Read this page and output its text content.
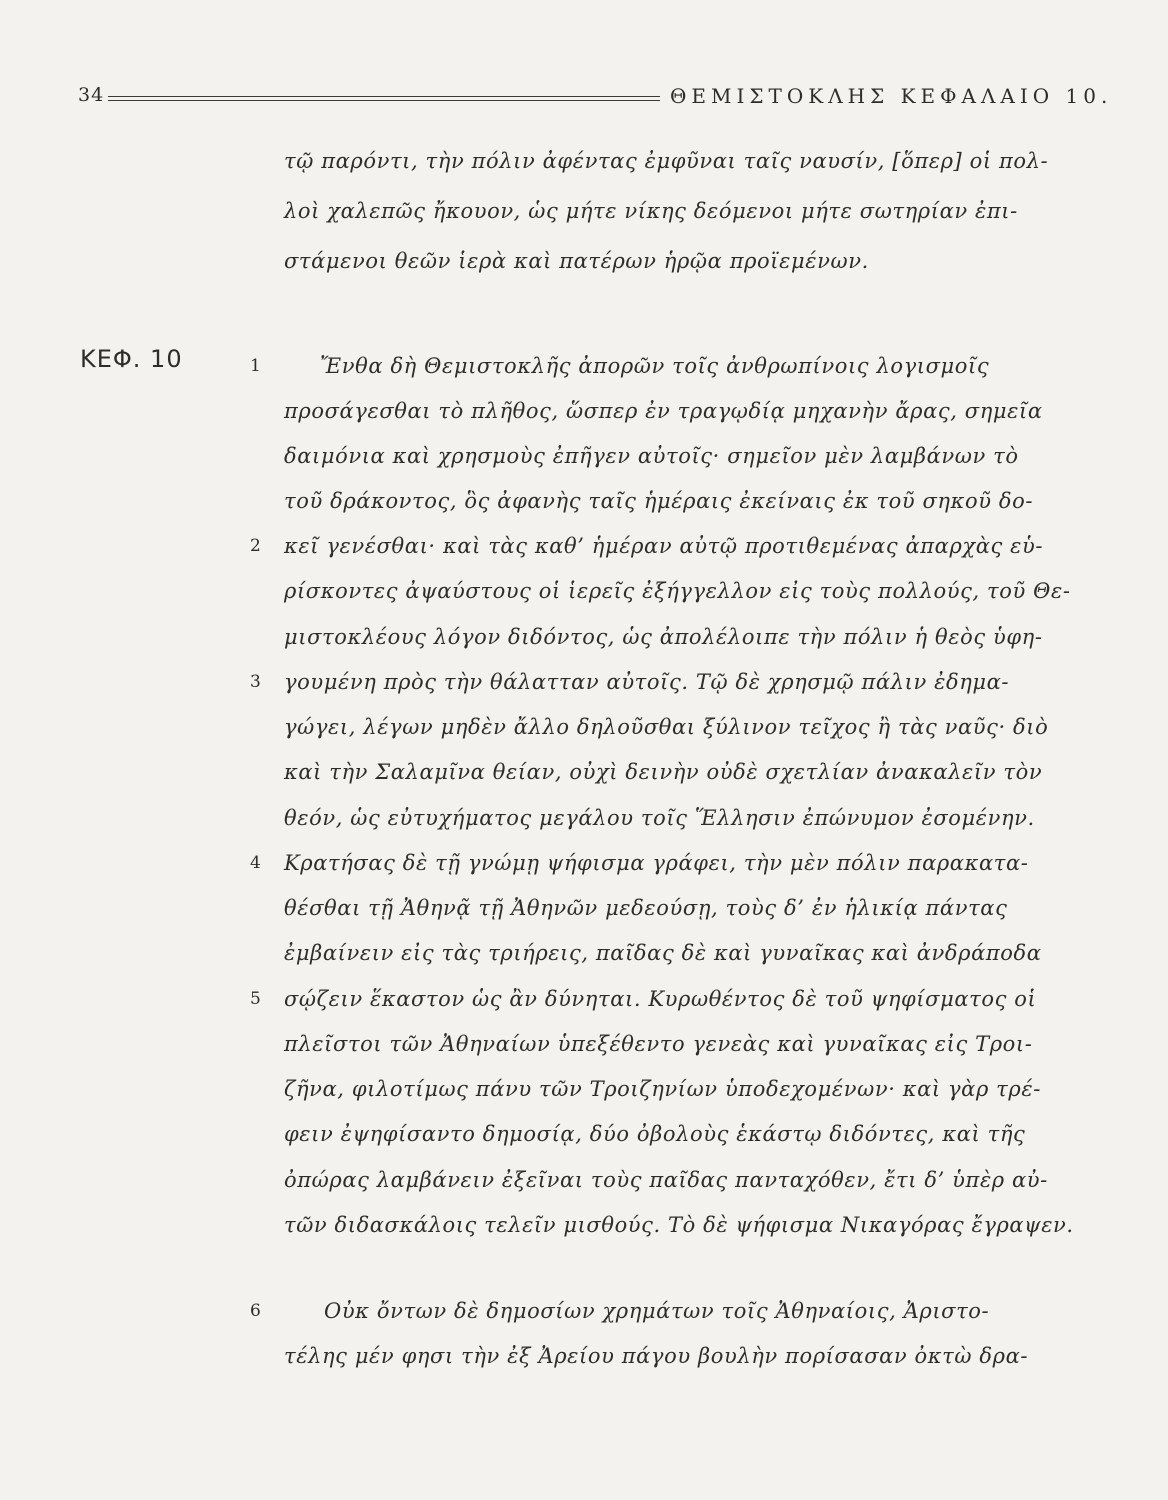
34	ΘΕΜΙΣΤΟΚΛΗΣ ΚΕΦΑΛΑΙΟ 10.
τῷ παρόντι, τὴν πόλιν ἀφέντας ἐμφῦναι ταῖς ναυσίν, [ὅπερ] οἱ πολ-
λοὶ χαλεπῶς ἤκουον, ὡς μήτε νίκης δεόμενοι μήτε σωτηρίαν ἐπι-
στάμενοι θεῶν ἱερὰ καὶ πατέρων ἡρῷα προϊεμένων.
ΚΕΦ. 10	1
2
3
4
5
6
Ἔνθα δὴ Θεμιστοκλῆς ἀπορῶν τοῖς ἀνθρωπίνοις λογισμοῖς
προσάγεσθαι τὸ πλῆθος, ὥσπερ ἐν τραγῳδίᾳ μηχανὴν ἄρας, σημεῖα
δαιμόνια καὶ χρησμοὺς ἐπῆγεν αὐτοῖς· σημεῖον μὲν λαμβάνων τὸ
τοῦ δράκοντος, ὃς ἀφανὴς ταῖς ἡμέραις ἐκείναις ἐκ τοῦ σηκοῦ δο-
κεῖ γενέσθαι· καὶ τὰς καθ’ ἡμέραν αὐτῷ προτιθεμένας ἀπαρχὰς εὑ-
ρίσκοντες ἀψαύστους οἱ ἱερεῖς ἐξήγγελλον εἰς τοὺς πολλούς, τοῦ Θε-
μιστοκλέους λόγον διδόντος, ὡς ἀπολέλοιπε τὴν πόλιν ἡ θεὸς ὑφη-
γουμένη πρὸς τὴν θάλατταν αὐτοῖς. Τῷ δὲ χρησμῷ πάλιν ἐδημα-
γώγει, λέγων μηδὲν ἄλλο δηλοῦσθαι ξύλινον τεῖχος ἢ τὰς ναῦς· διὸ
καὶ τὴν Σαλαμῖνα θείαν, οὐχὶ δεινὴν οὐδὲ σχετλίαν ἀνακαλεῖν τὸν
θεόν, ὡς εὐτυχήματος μεγάλου τοῖς Ἕλλησιν ἐπώνυμον ἐσομένην.
Κρατήσας δὲ τῇ γνώμῃ ψήφισμα γράφει, τὴν μὲν πόλιν παρακατα-
θέσθαι τῇ Ἀθηνᾷ τῇ Ἀθηνῶν μεδεούσῃ, τοὺς δ’ ἐν ἡλικίᾳ πάντας
ἐμβαίνειν εἰς τὰς τριήρεις, παῖδας δὲ καὶ γυναῖκας καὶ ἀνδράποδα
σῴζειν ἕκαστον ὡς ἂν δύνηται. Κυρωθέντος δὲ τοῦ ψηφίσματος οἱ
πλεῖστοι τῶν Ἀθηναίων ὑπεξέθεντο γενεὰς καὶ γυναῖκας εἰς Τροι-
ζῆνα, φιλοτίμως πάνυ τῶν Τροιζηνίων ὑποδεχομένων· καὶ γὰρ τρέ-
φειν ἐψηφίσαντο δημοσίᾳ, δύο ὀβολοὺς ἑκάστῳ διδόντες, καὶ τῆς
ὀπώρας λαμβάνειν ἐξεῖναι τοὺς παῖδας πανταχόθεν, ἔτι δ’ ὑπὲρ αὐ-
τῶν διδασκάλοις τελεῖν μισθούς. Τὸ δὲ ψήφισμα Νικαγόρας ἔγραψεν.
Οὐκ ὄντων δὲ δημοσίων χρημάτων τοῖς Ἀθηναίοις, Ἀριστο-
τέλης μέν φησι τὴν ἐξ Ἀρείου πάγου βουλὴν πορίσασαν ὀκτὼ δρα-
